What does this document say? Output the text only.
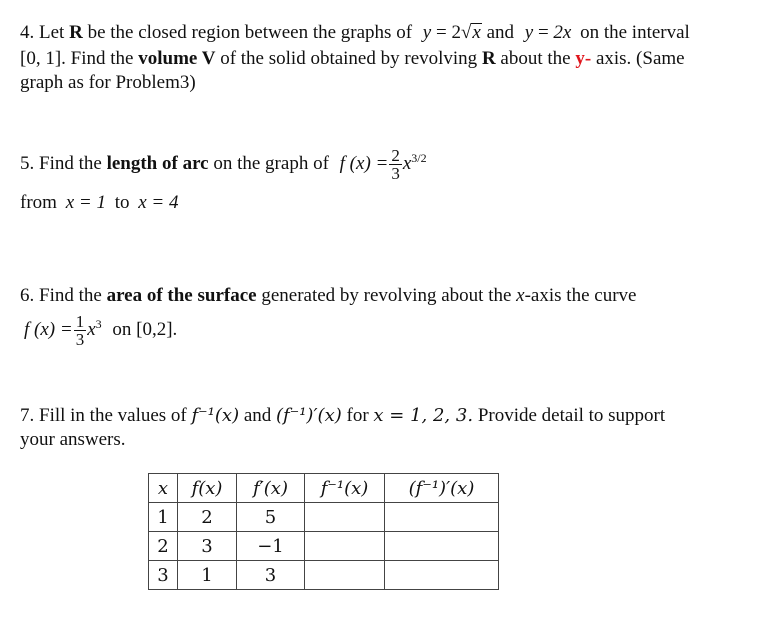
4. Let R be the closed region between the graphs of y = 2√x and y = 2x on the interval
[0, 1]. Find the volume V of the solid obtained by revolving R about the y- axis. (Same
graph as for Problem3)
5. Find the length of arc on the graph of f $(x) = \frac{2}{3} x^{3/2}$
from x = 1 to x = 4
6. Find the area of the surface generated by revolving about the x-axis the curve
f $(x) = \frac{1}{3} x^3$ on [0,2].
7. Fill in the values of f⁻¹(x) and (f⁻¹)′(x) for x = 1, 2, 3. Provide detail to support
your answers.
x	f(x)	f′(x)	f⁻¹(x)	(f⁻¹)′(x)
1	2	5		
2	3	−1		
3	1	3		
